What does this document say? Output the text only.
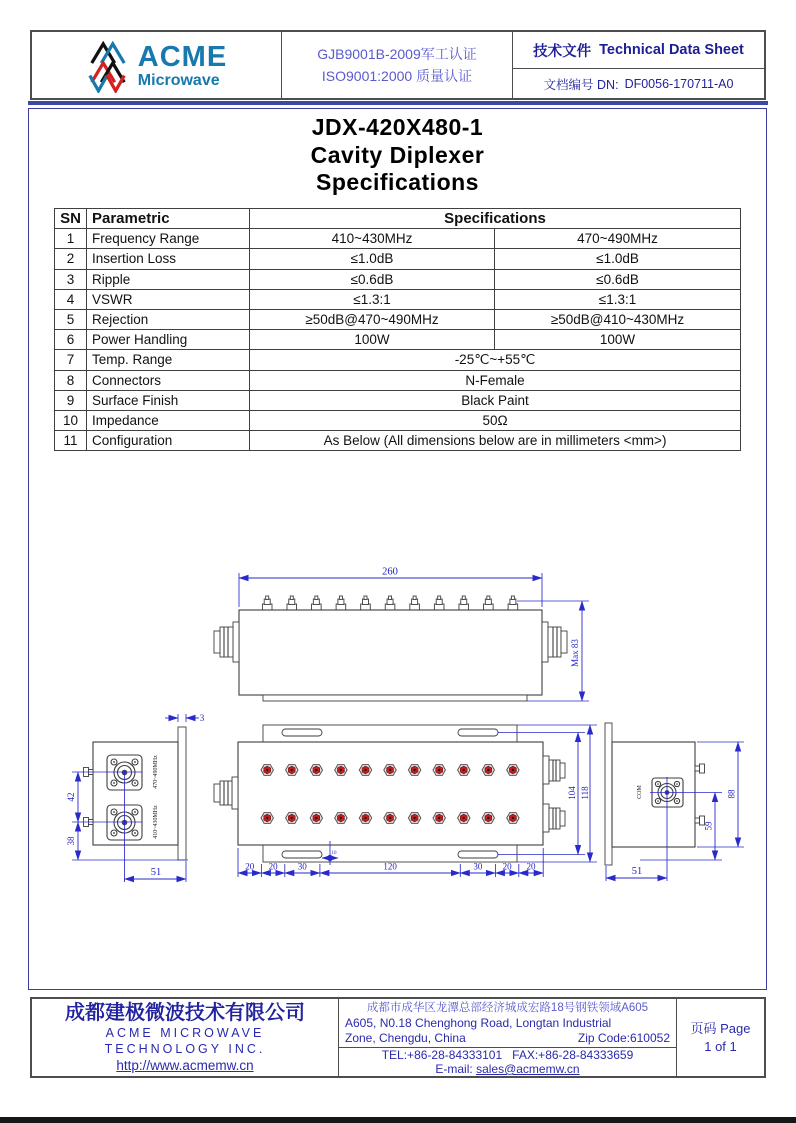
ACME
Microwave
GJB9001B-2009军工认证
ISO9001:2000 质量认证
技术文件 Technical Data Sheet
文档编号 DN: DF0056-170711-A0
JDX-420X480-1
Cavity Diplexer
Specifications
SN	Parametric	Specifications	
1	Frequency Range	410~430MHz	470~490MHz
2	Insertion Loss	≤1.0dB	≤1.0dB
3	Ripple	≤0.6dB	≤0.6dB
4	VSWR	≤1.3:1	≤1.3:1
5	Rejection	≥50dB@470~490MHz	≥50dB@410~430MHz
6	Power Handling	100W	100W
7	Temp. Range	-25℃~+55℃	
8	Connectors	N-Female	
9	Surface Finish	Black Paint	
10	Impedance	50Ω	
11	Configuration	As Below (All dimensions below are in millimeters <mm>)	
260
Max 83
470~490MHz
410~430MHz
3
42
38
51
10
20 20 30	120	30 20 20
104 118	COM	88
59
51
成都建极微波技术有限公司
ACME MICROWAVE
TECHNOLOGY INC.
http://www.acmemw.cn
成都市成华区龙潭总部经济城成宏路18号钢铁领域A605
A605, N0.18 Chenghong Road, Longtan Industrial
Zone, Chengdu, China	Zip Code:610052
TEL:+86-28-84333101 FAX:+86-28-84333659
E-mail: sales@acmemw.cn
页码 Page
1 of 1
